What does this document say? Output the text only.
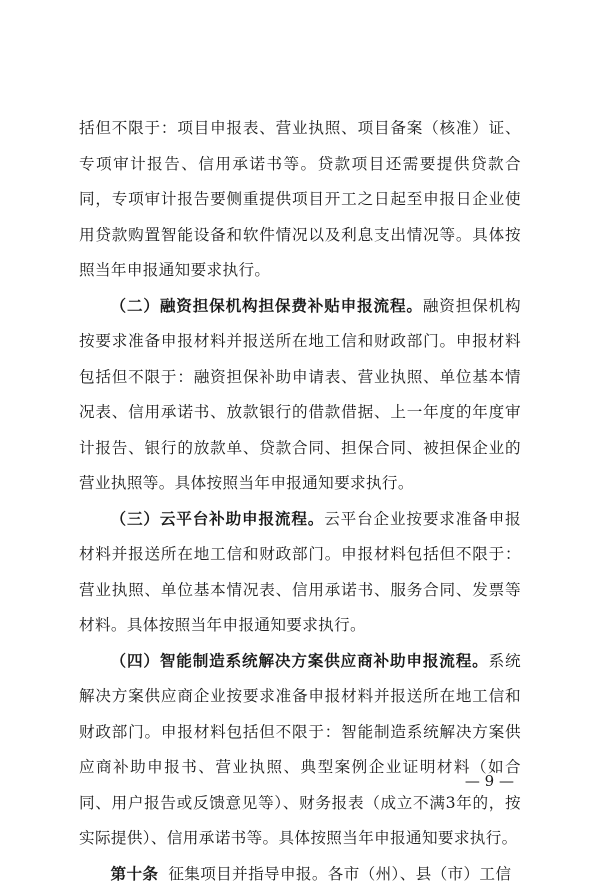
括但不限于：项目申报表、营业执照、项目备案（核准）证、专项审计报告、信用承诺书等。贷款项目还需要提供贷款合同，专项审计报告要侧重提供项目开工之日起至申报日企业使用贷款购置智能设备和软件情况以及利息支出情况等。具体按照当年申报通知要求执行。

（二）融资担保机构担保费补贴申报流程。融资担保机构按要求准备申报材料并报送所在地工信和财政部门。申报材料包括但不限于：融资担保补助申请表、营业执照、单位基本情况表、信用承诺书、放款银行的借款借据、上一年度的年度审计报告、银行的放款单、贷款合同、担保合同、被担保企业的营业执照等。具体按照当年申报通知要求执行。

（三）云平台补助申报流程。云平台企业按要求准备申报材料并报送所在地工信和财政部门。申报材料包括但不限于：营业执照、单位基本情况表、信用承诺书、服务合同、发票等材料。具体按照当年申报通知要求执行。

（四）智能制造系统解决方案供应商补助申报流程。系统解决方案供应商企业按要求准备申报材料并报送所在地工信和财政部门。申报材料包括但不限于：智能制造系统解决方案供应商补助申报书、营业执照、典型案例企业证明材料（如合同、用户报告或反馈意见等）、财务报表（成立不满3年的，按实际提供）、信用承诺书等。具体按照当年申报通知要求执行。

第十条 征集项目并指导申报。各市（州）、县（市）工信

— 9 —
